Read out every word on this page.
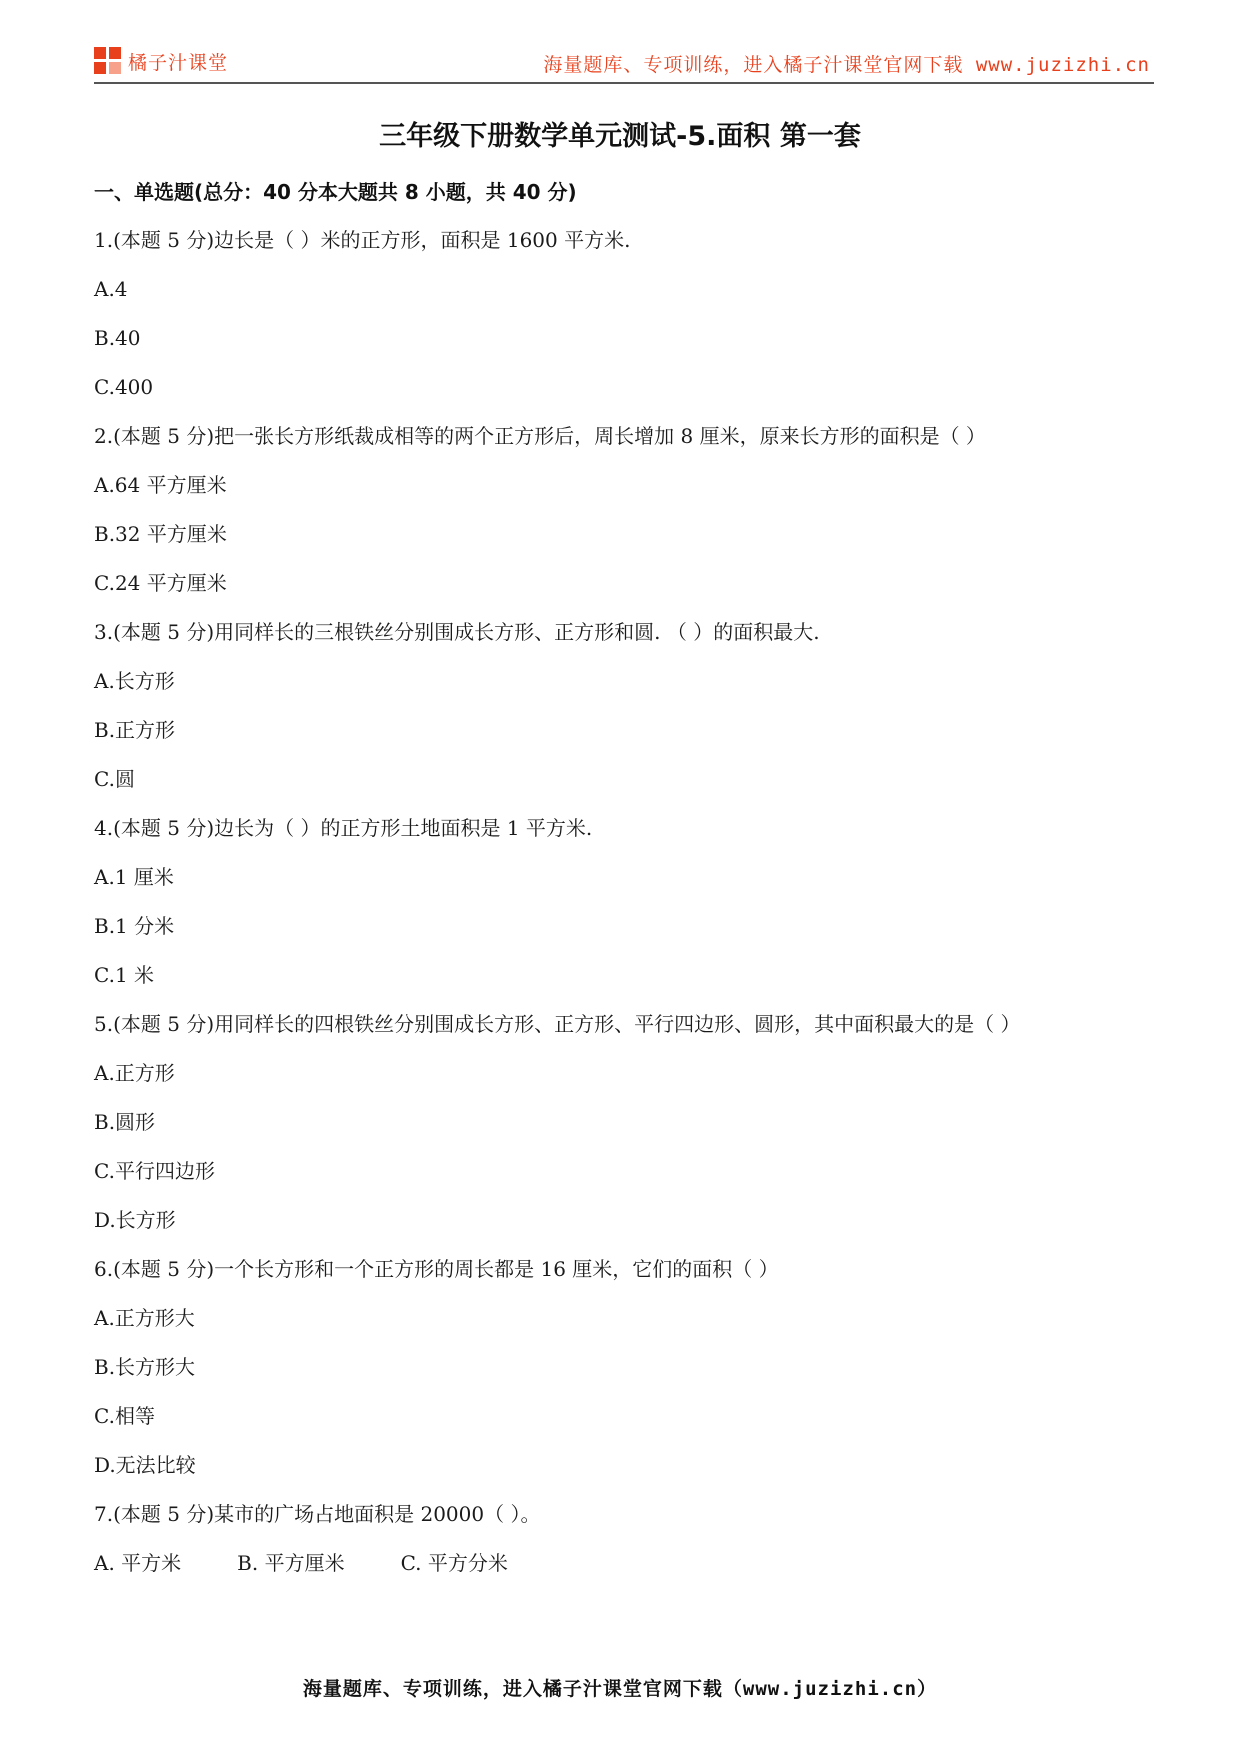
橘子汁课堂	海量题库、专项训练，进入橘子汁课堂官网下载 www.juzizhi.cn
三年级下册数学单元测试-5.面积 第一套
一、单选题(总分：40 分本大题共 8 小题，共 40 分)
1.(本题 5 分)边长是（ ）米的正方形，面积是 1600 平方米.
A.4
B.40
C.400
2.(本题 5 分)把一张长方形纸裁成相等的两个正方形后，周长增加 8 厘米，原来长方形的面积是（ ）
A.64 平方厘米
B.32 平方厘米
C.24 平方厘米
3.(本题 5 分)用同样长的三根铁丝分别围成长方形、正方形和圆. （ ）的面积最大.
A.长方形
B.正方形
C.圆
4.(本题 5 分)边长为（ ）的正方形土地面积是 1 平方米.
A.1 厘米
B.1 分米
C.1 米
5.(本题 5 分)用同样长的四根铁丝分别围成长方形、正方形、平行四边形、圆形，其中面积最大的是（ ）
A.正方形
B.圆形
C.平行四边形
D.长方形
6.(本题 5 分)一个长方形和一个正方形的周长都是 16 厘米，它们的面积（ ）
A.正方形大
B.长方形大
C.相等
D.无法比较
7.(本题 5 分)某市的广场占地面积是 20000（ ）。
A. 平方米	B. 平方厘米	C. 平方分米
海量题库、专项训练，进入橘子汁课堂官网下载（www.juzizhi.cn）
